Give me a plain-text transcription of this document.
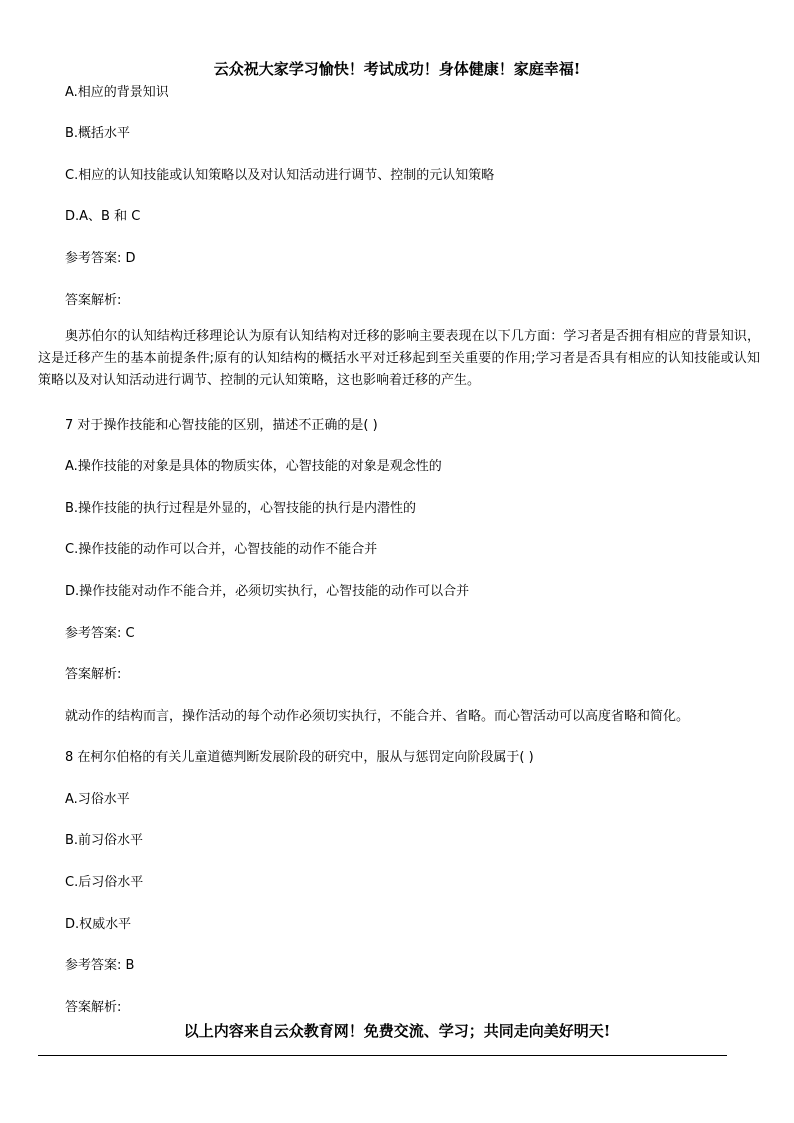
云众祝大家学习愉快！考试成功！身体健康！家庭幸福!
A.相应的背景知识
B.概括水平
C.相应的认知技能或认知策略以及对认知活动进行调节、控制的元认知策略
D.A、B 和 C
参考答案: D
答案解析:
奥苏伯尔的认知结构迁移理论认为原有认知结构对迁移的影响主要表现在以下几方面：学习者是否拥有相应的背景知识，这是迁移产生的基本前提条件;原有的认知结构的概括水平对迁移起到至关重要的作用;学习者是否具有相应的认知技能或认知策略以及对认知活动进行调节、控制的元认知策略，这也影响着迁移的产生。
7 对于操作技能和心智技能的区别，描述不正确的是( )
A.操作技能的对象是具体的物质实体，心智技能的对象是观念性的
B.操作技能的执行过程是外显的，心智技能的执行是内潜性的
C.操作技能的动作可以合并，心智技能的动作不能合并
D.操作技能对动作不能合并，必须切实执行，心智技能的动作可以合并
参考答案: C
答案解析:
就动作的结构而言，操作活动的每个动作必须切实执行，不能合并、省略。而心智活动可以高度省略和简化。
8 在柯尔伯格的有关儿童道德判断发展阶段的研究中，服从与惩罚定向阶段属于( )
A.习俗水平
B.前习俗水平
C.后习俗水平
D.权威水平
参考答案: B
答案解析:
以上内容来自云众教育网！免费交流、学习；共同走向美好明天!
